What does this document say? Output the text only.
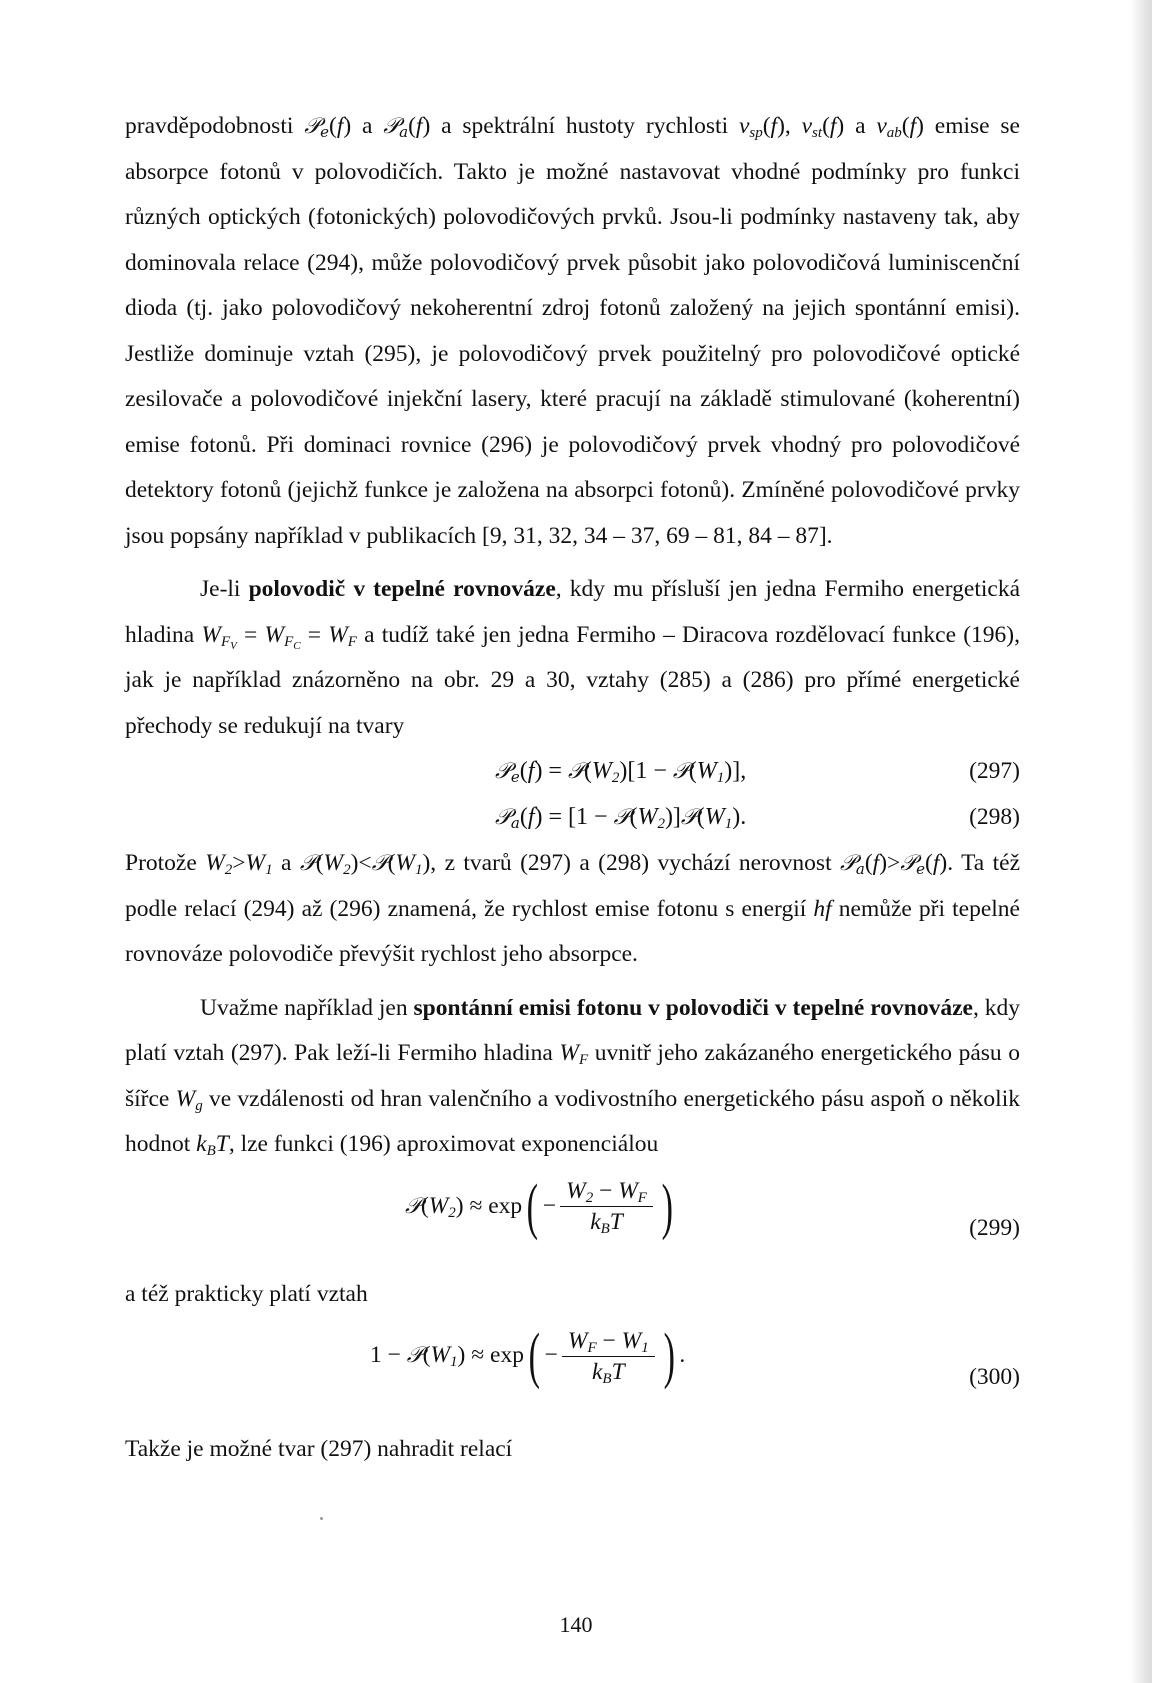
pravděpodobnosti 𝒫$_e$(f) a 𝒫$_a$(f) a spektrální hustoty rychlosti $v_{sp}(f)$, $v_{st}(f)$ a $v_{ab}(f)$ emise se absorpce fotonů v polovodičích. Takto je možné nastavovat vhodné podmínky pro funkci různých optických (fotonických) polovodičových prvků. Jsou-li podmínky nastaveny tak, aby dominovala relace (294), může polovodičový prvek působit jako polovodičová luminiscenční dioda (tj. jako polovodičový nekoherentní zdroj fotonů založený na jejich spontánní emisi). Jestliže dominuje vztah (295), je polovodičový prvek použitelný pro polovodičové optické zesilovače a polovodičové injekční lasery, které pracují na základě stimulované (koherentní) emise fotonů. Při dominaci rovnice (296) je polovodičový prvek vhodný pro polovodičové detektory fotonů (jejichž funkce je založena na absorpci fotonů). Zmíněné polovodičové prvky jsou popsány například v publikacích [9, 31, 32, 34 – 37, 69 – 81, 84 – 87].

Je-li polovodič v tepelné rovnováze, kdy mu přísluší jen jedna Fermiho energetická hladina $W_{F_V} = W_{F_C} = W_F$ a tudíž také jen jedna Fermiho – Diracova rozdělovací funkce (196), jak je například znázorněno na obr. 29 a 30, vztahy (285) a (286) pro přímé energetické přechody se redukují na tvary

𝒫$_e$(f) = $𝒫(W_2)[1$ − $𝒫(W_1)$],	(297)
𝒫$_a$(f) = $[1 - 𝒫(W_2)]𝒫(W_1)$.	(298)

Protože $W_2>W_1$ a $𝒫(W_2)<𝒫(W_1)$, z tvarů (297) a (298) vychází nerovnost 𝒫$_a$(f)>𝒫$_e$(f). Ta též podle relací (294) až (296) znamená, že rychlost emise fotonu s energií hf nemůže při tepelné rovnováze polovodiče převýšit rychlost jeho absorpce.

Uvažme například jen spontánní emisi fotonu v polovodiči v tepelné rovnováze, kdy platí vztah (297). Pak leží-li Fermiho hladina $W_F$ uvnitř jeho zakázaného energetického pásu o šířce $W_g$ ve vzdálenosti od hran valenčního a vodivostního energetického pásu aspoň o několik hodnot $k_BT$, lze funkci (196) aproximovat exponenciálou

$𝒫(W_2) \approx \exp$ ( − $\frac{W_2 - W_F}{k_BT}$ )	(299)

a též prakticky platí vztah

$1 - 𝒫(W_1) \approx \exp$ ( − $\frac{W_F - W_1}{k_BT}$ ) .
(300)

Takže je možné tvar (297) nahradit relací

140
